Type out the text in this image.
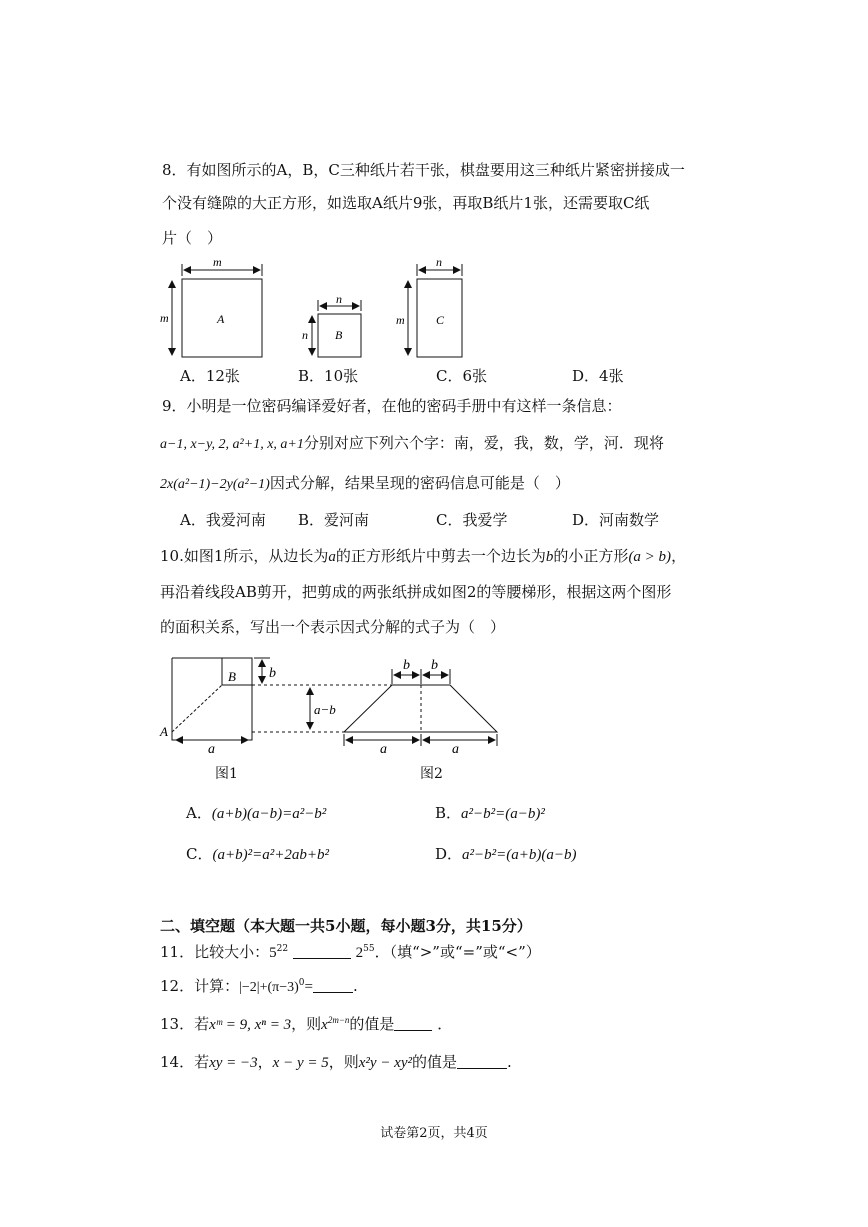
8．有如图所示的A，B，C三种纸片若干张，棋盘要用这三种纸片紧密拼接成一
个没有缝隙的大正方形，如选取A纸片9张，再取B纸片1张，还需要取C纸
片（　）
m
m	A
n
n B
n
m	C
A．12张	B．10张	C．6张	D．4张
9．小明是一位密码编译爱好者，在他的密码手册中有这样一条信息：
a−1, x−y, 2, a²+1, x, a+1分别对应下列六个字：南，爱，我，数，学，河．现将
2x(a²−1)−2y(a²−1)因式分解，结果呈现的密码信息可能是（　）
A．我爱河南 B．爱河南	C．我爱学	D．河南数学
10.如图1所示，从边长为a的正方形纸片中剪去一个边长为b的小正方形(a > b)，
再沿着线段AB剪开，把剪成的两张纸拼成如图2的等腰梯形，根据这两个图形
的面积关系，写出一个表示因式分解的式子为（　）
b
B
A
a
a−b
b b
a	a
图1	图2
A．(a+b)(a−b)=a²−b²	B．a²−b²=(a−b)²
C．(a+b)²=a²+2ab+b²	D．a²−b²=(a+b)(a−b)
二、填空题（本大题一共5小题，每小题3分，共15分）
11．比较大小：$5^{22}$	$2^{55}$．（填“>”或“=”或“<”）
12．计算：$|-2|+(\pi-3)^0=$	.
13．若xᵐ = 9, xⁿ = 3，则$x^{2m-n}$的值是	．
14．若xy = −3，x − y = 5，则x²y − xy²的值是	.
试卷第2页，共4页
